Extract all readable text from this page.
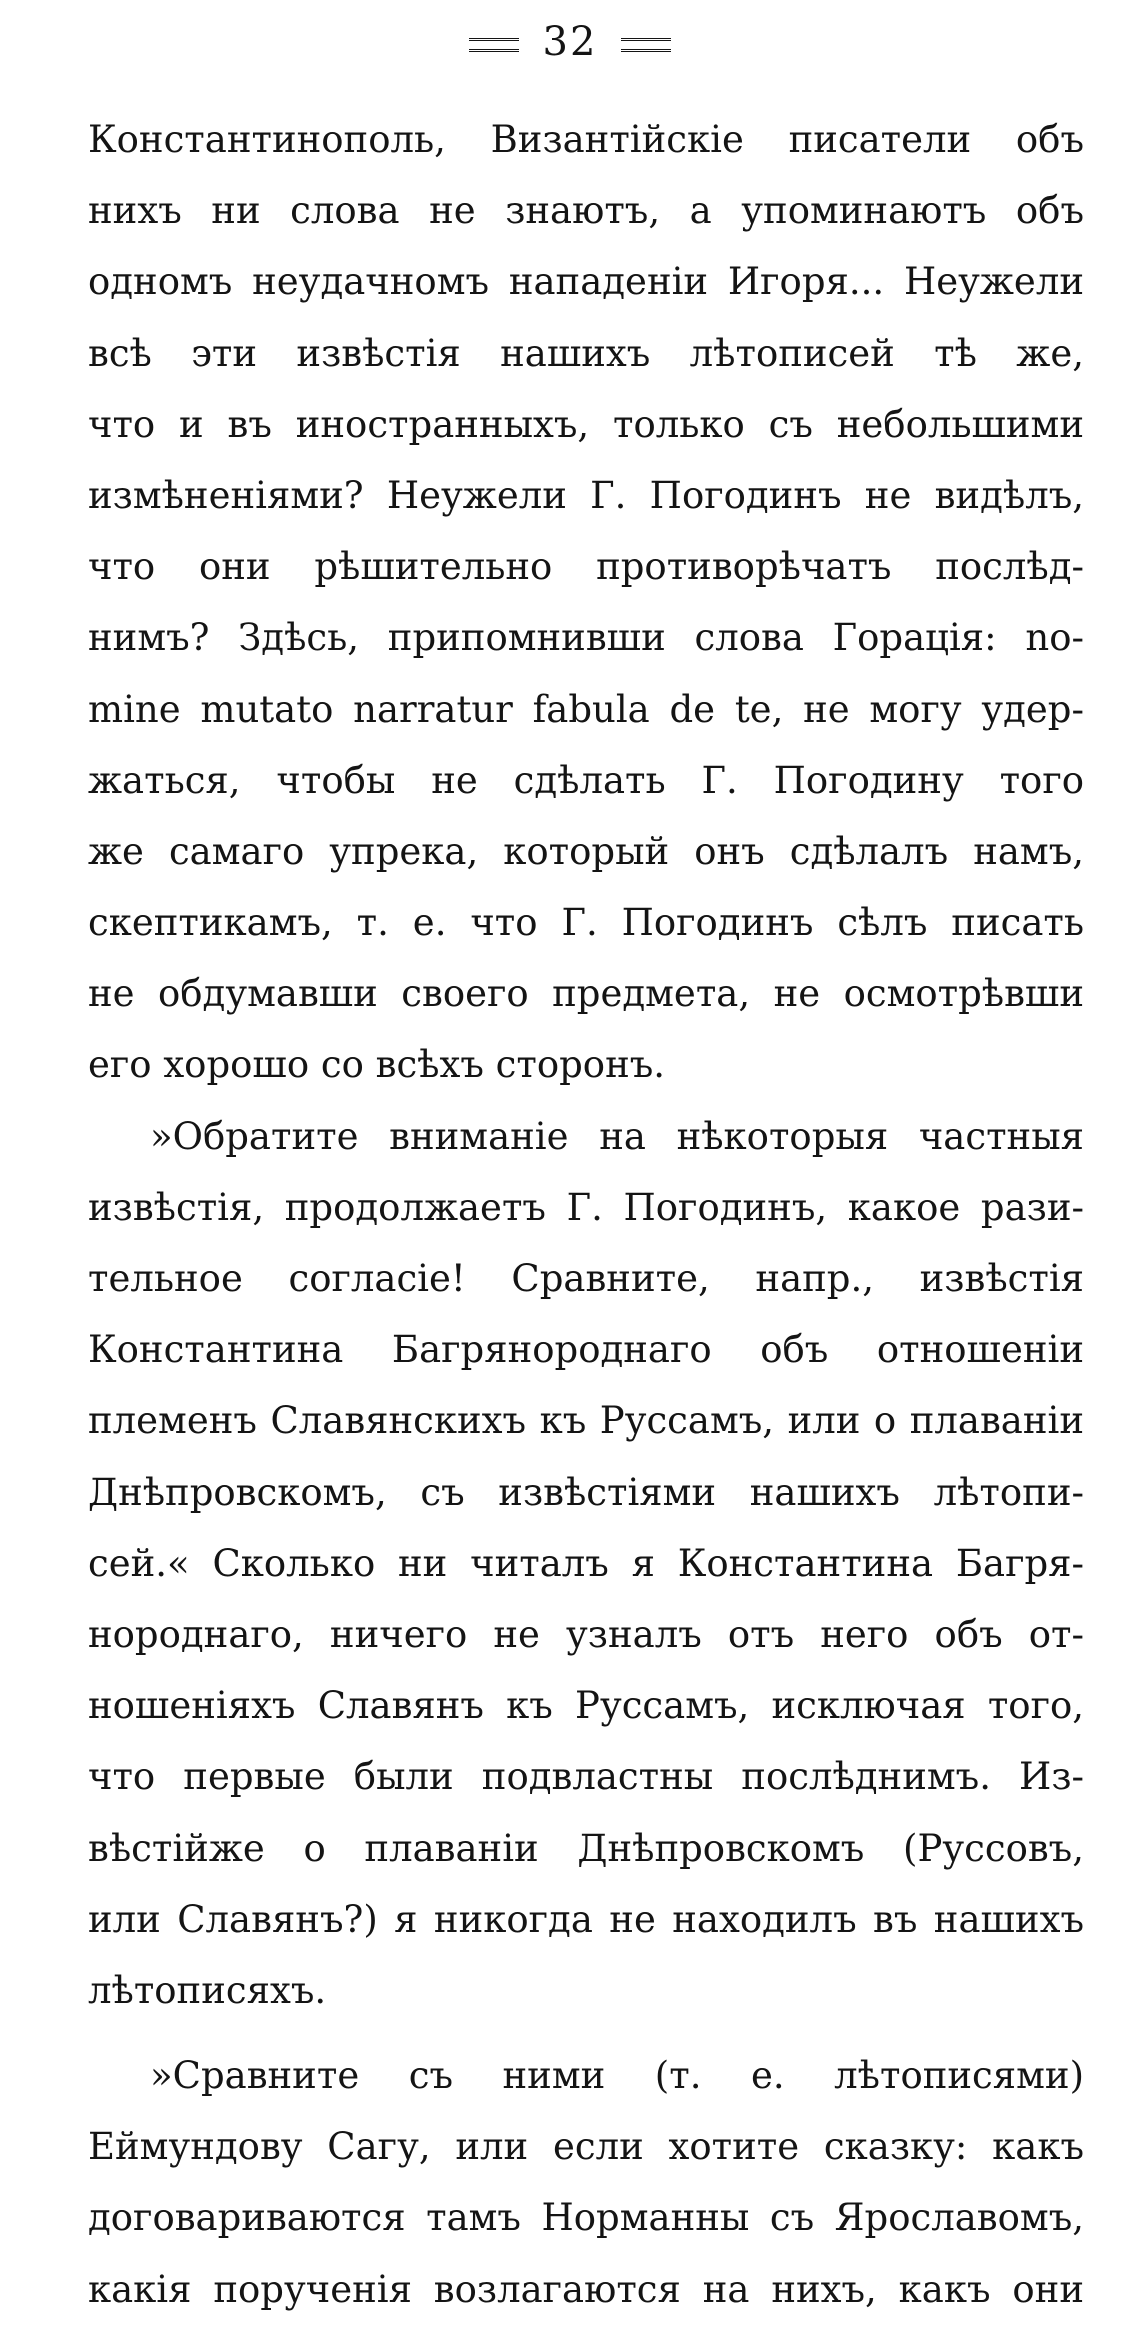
32
Константинополь, Византійскіе писатели объ
нихъ ни слова не знаютъ, а упоминаютъ объ
одномъ неудачномъ нападеніи Игоря... Неужели
всѣ эти извѣстія нашихъ лѣтописей тѣ же,
что и въ иностранныхъ, только съ небольшими
измѣненіями? Неужели Г. Погодинъ не видѣлъ,
что они рѣшительно противорѣчатъ послѣд-
нимъ? Здѣсь, припомнивши слова Горація: no-
mine mutato narratur fabula de te, не могу удер-
жаться, чтобы не сдѣлать Г. Погодину того
же самаго упрека, который онъ сдѣлалъ намъ,
скептикамъ, т. е. что Г. Погодинъ сѣлъ писать
не обдумавши своего предмета, не осмотрѣвши
его хорошо со всѣхъ сторонъ.
»Обратите вниманіе на нѣкоторыя частныя
извѣстія, продолжаетъ Г. Погодинъ, какое рази-
тельное согласіе! Сравните, напр., извѣстія
Константина Багрянороднаго объ отношеніи
племенъ Славянскихъ къ Руссамъ, или о плаваніи
Днѣпровскомъ, съ извѣстіями нашихъ лѣтопи-
сей.« Сколько ни читалъ я Константина Багря-
нороднаго, ничего не узналъ отъ него объ от-
ношеніяхъ Славянъ къ Руссамъ, исключая того,
что первые были подвластны послѣднимъ. Из-
вѣстійже о плаваніи Днѣпровскомъ (Руссовъ,
или Славянъ?) я никогда не находилъ въ нашихъ
лѣтописяхъ.
»Сравните съ ними (т. е. лѣтописями)
Еймундову Сагу, или если хотите сказку: какъ
договариваются тамъ Норманны съ Ярославомъ,
какія порученія возлагаются на нихъ, какъ они
